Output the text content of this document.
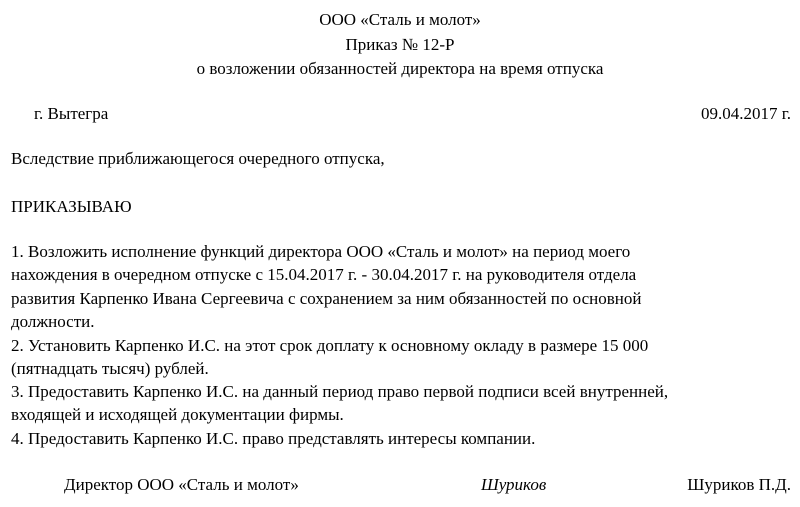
ООО «Сталь и молот»
Приказ № 12-Р
о возложении обязанностей директора на время отпуска
г. Вытегра	09.04.2017 г.
Вследствие приближающегося очередного отпуска,
ПРИКАЗЫВАЮ
1. Возложить исполнение функций директора ООО «Сталь и молот» на период моего
нахождения в очередном отпуске с 15.04.2017 г. - 30.04.2017 г. на руководителя отдела
развития Карпенко Ивана Сергеевича с сохранением за ним обязанностей по основной
должности.
2. Установить Карпенко И.С. на этот срок доплату к основному окладу в размере 15 000
(пятнадцать тысяч) рублей.
3. Предоставить Карпенко И.С. на данный период право первой подписи всей внутренней,
входящей и исходящей документации фирмы.
4. Предоставить Карпенко И.С. право представлять интересы компании.
Директор ООО «Сталь и молот»	Шуриков	Шуриков П.Д.
